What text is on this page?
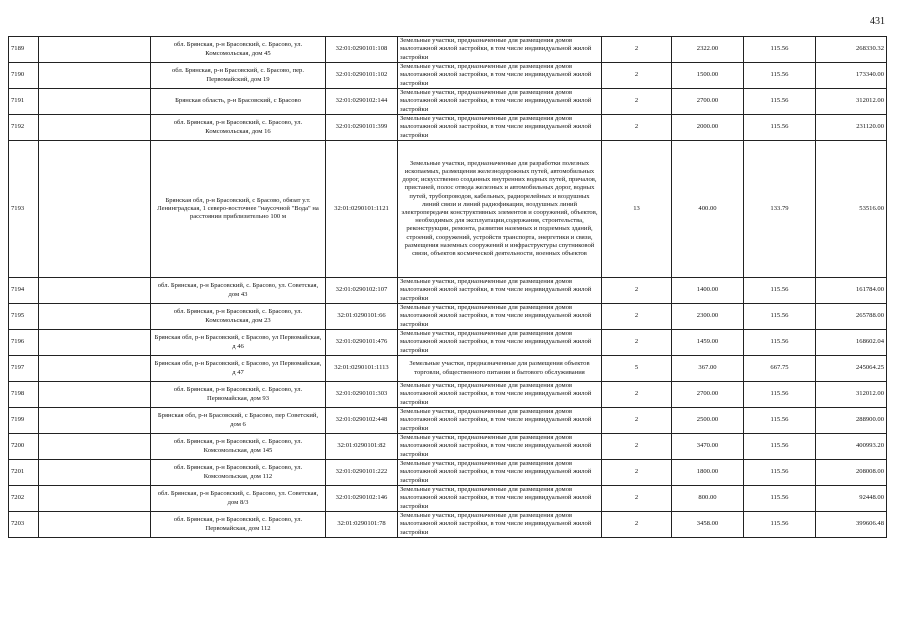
431
7189		обл. Брянская, р-н Брасовский, с. Брасово, ул. Комсомольская, дом 45	32:01:0290101:108	Земельные участки, предназначенные для размещения домов малоэтажной жилой застройки, в том числе индивидуальной жилой застройки	2	2322.00	115.56	268330.32
7190		обл. Брянская, р-н Брасовский, с. Брасово, пер. Первомайский, дом 19	32:01:0290101:102	Земельные участки, предназначенные для размещения домов малоэтажной жилой застройки, в том числе индивидуальной жилой застройки	2	1500.00	115.56	173340.00
7191		Брянская область, р-н Брасовский, с Брасово	32:01:0290102:144	Земельные участки, предназначенные для размещения домов малоэтажной жилой застройки, в том числе индивидуальной жилой застройки	2	2700.00	115.56	312012.00
7192		обл. Брянская, р-н Брасовский, с. Брасово, ул. Комсомольская, дом 16	32:01:0290101:399	Земельные участки, предназначенные для размещения домов малоэтажной жилой застройки, в том числе индивидуальной жилой застройки	2	2000.00	115.56	231120.00
7193		Брянская обл, р-н Брасовский, с Брасово, обязат у.т. Ленинградская, 1 северо-восточнее "наусочной "Вода" на расстоянии приблизительно 100 м	32:01:0290101:1121	Земельные участки, предназначенные для разработки полезных ископаемых, размещения железнодорожных путей, автомобильных дорог, искусственно созданных внутренних водных путей, причалов, пристаней, полос отвода железных и автомобильных дорог, водных путей, трубопроводов, кабельных, радиорелейных и воздушных линий связи и линий радиофикации, воздушных линий электропередачи конструктивных элементов и сооружений, объектов, необходимых для эксплуатации,содержания, строительства, реконструкции, ремонта, развития наземных и подземных зданий, строений, сооружений, устройств транспорта, энергетики и связи, размещения наземных сооружений и инфраструктуры спутниковой связи, объектов космической деятельности, военных объектов	13	400.00	133.79	53516.00
7194		обл. Брянская, р-н Брасовский, с. Брасово, ул. Советская, дом 43	32:01:0290102:107	Земельные участки, предназначенные для размещения домов малоэтажной жилой застройки, в том числе индивидуальной жилой застройки	2	1400.00	115.56	161784.00
7195		обл. Брянская, р-н Брасовский, с. Брасово, ул. Комсомольская, дом 23	32:01:0290101:66	Земельные участки, предназначенные для размещения домов малоэтажной жилой застройки, в том числе индивидуальной жилой застройки	2	2300.00	115.56	265788.00
7196		Брянская обл, р-н Брасовский, с Брасово, ул Первомайская, д 46	32:01:0290101:476	Земельные участки, предназначенные для размещения домов малоэтажной жилой застройки, в том числе индивидуальной жилой застройки	2	1459.00	115.56	168602.04
7197		Брянская обл, р-н Брасовский, с Брасово, ул Первомайская, д 47	32:01:0290101:1113	Земельные участки, предназначенные для размещения объектов торговли, общественного питания и бытового обслуживания	5	367.00	667.75	245064.25
7198		обл. Брянская, р-н Брасовский, с. Брасово, ул. Первомайская, дом 93	32:01:0290101:303	Земельные участки, предназначенные для размещения домов малоэтажной жилой застройки, в том числе индивидуальной жилой застройки	2	2700.00	115.56	312012.00
7199		Брянская обл, р-н Брасовский, с Брасово, пер Советский, дом 6	32:01:0290102:448	Земельные участки, предназначенные для размещения домов малоэтажной жилой застройки, в том числе индивидуальной жилой застройки	2	2500.00	115.56	288900.00
7200		обл. Брянская, р-н Брасовский, с. Брасово, ул. Комсомольская, дом 145	32:01:0290101:82	Земельные участки, предназначенные для размещения домов малоэтажной жилой застройки, в том числе индивидуальной жилой застройки	2	3470.00	115.56	400993.20
7201		обл. Брянская, р-н Брасовский, с. Брасово, ул. Комсомольская, дом 112	32:01:0290101:222	Земельные участки, предназначенные для размещения домов малоэтажной жилой застройки, в том числе индивидуальной жилой застройки	2	1800.00	115.56	208008.00
7202		обл. Брянская, р-н Брасовский, с. Брасово, ул. Советская, дом 8/3	32:01:0290102:146	Земельные участки, предназначенные для размещения домов малоэтажной жилой застройки, в том числе индивидуальной жилой застройки	2	800.00	115.56	92448.00
7203		обл. Брянская, р-н Брасовский, с. Брасово, ул. Первомайская, дом 112	32:01:0290101:78	Земельные участки, предназначенные для размещения домов малоэтажной жилой застройки, в том числе индивидуальной жилой застройки	2	3458.00	115.56	399606.48
